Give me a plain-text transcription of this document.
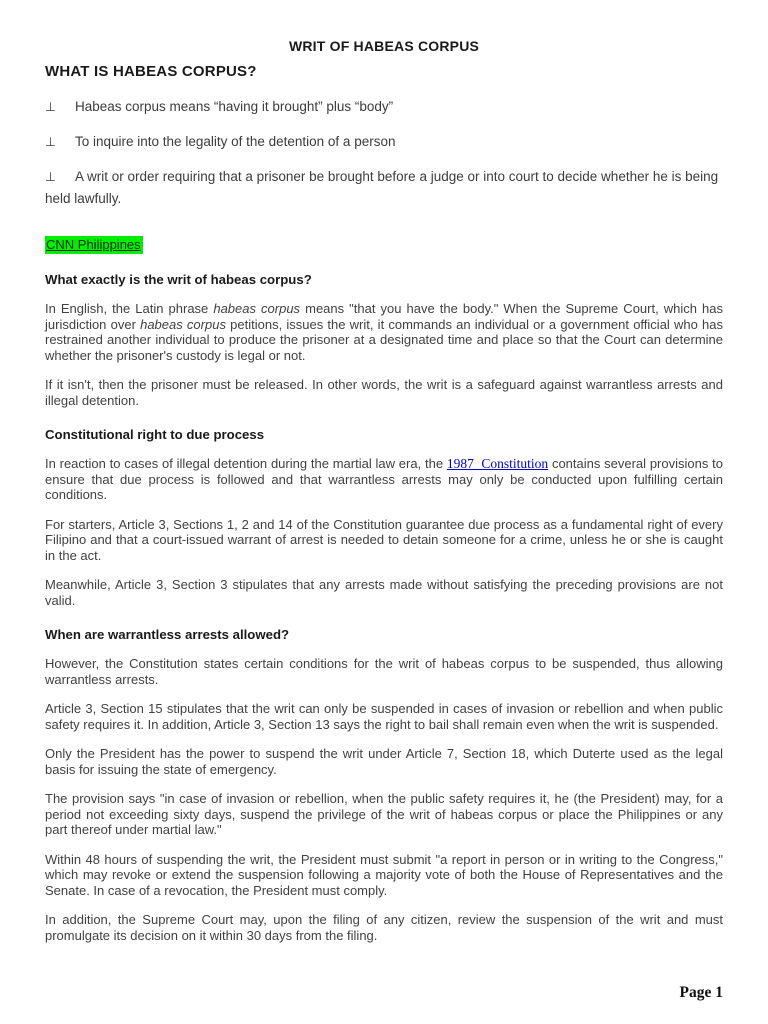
WRIT OF HABEAS CORPUS
WHAT IS HABEAS CORPUS?

⊥ Habeas corpus means “having it brought” plus “body”

⊥ To inquire into the legality of the detention of a person

⊥ A writ or order requiring that a prisoner be brought before a judge or into court to decide whether he is being held lawfully.

CNN Philippines

What exactly is the writ of habeas corpus?

In English, the Latin phrase habeas corpus means "that you have the body." When the Supreme Court, which has jurisdiction over habeas corpus petitions, issues the writ, it commands an individual or a government official who has restrained another individual to produce the prisoner at a designated time and place so that the Court can determine whether the prisoner's custody is legal or not.

If it isn't, then the prisoner must be released. In other words, the writ is a safeguard against warrantless arrests and illegal detention.

Constitutional right to due process

In reaction to cases of illegal detention during the martial law era, the 1987 Constitution contains several provisions to ensure that due process is followed and that warrantless arrests may only be conducted upon fulfilling certain conditions.

For starters, Article 3, Sections 1, 2 and 14 of the Constitution guarantee due process as a fundamental right of every Filipino and that a court-issued warrant of arrest is needed to detain someone for a crime, unless he or she is caught in the act.

Meanwhile, Article 3, Section 3 stipulates that any arrests made without satisfying the preceding provisions are not valid.

When are warrantless arrests allowed?

However, the Constitution states certain conditions for the writ of habeas corpus to be suspended, thus allowing warrantless arrests.

Article 3, Section 15 stipulates that the writ can only be suspended in cases of invasion or rebellion and when public safety requires it. In addition, Article 3, Section 13 says the right to bail shall remain even when the writ is suspended.

Only the President has the power to suspend the writ under Article 7, Section 18, which Duterte used as the legal basis for issuing the state of emergency.

The provision says "in case of invasion or rebellion, when the public safety requires it, he (the President) may, for a period not exceeding sixty days, suspend the privilege of the writ of habeas corpus or place the Philippines or any part thereof under martial law."

Within 48 hours of suspending the writ, the President must submit "a report in person or in writing to the Congress," which may revoke or extend the suspension following a majority vote of both the House of Representatives and the Senate. In case of a revocation, the President must comply.

In addition, the Supreme Court may, upon the filing of any citizen, review the suspension of the writ and must promulgate its decision on it within 30 days from the filing.

Page 1
